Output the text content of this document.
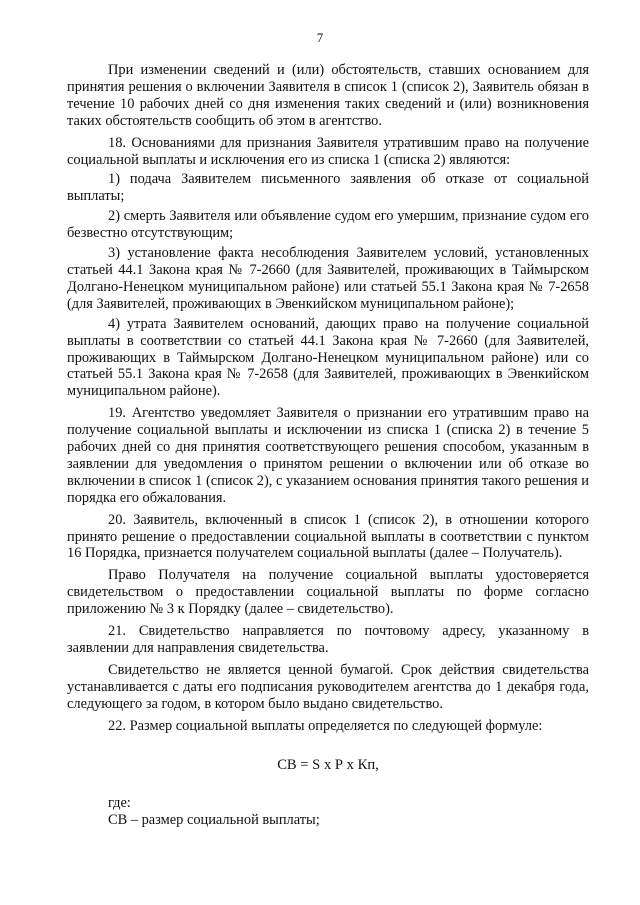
7

При изменении сведений и (или) обстоятельств, ставших основанием для принятия решения о включении Заявителя в список 1 (список 2), Заявитель обязан в течение 10 рабочих дней со дня изменения таких сведений и (или) возникновения таких обстоятельств сообщить об этом в агентство.

18. Основаниями для признания Заявителя утратившим право на получение социальной выплаты и исключения его из списка 1 (списка 2) являются:

1) подача Заявителем письменного заявления об отказе от социальной выплаты;

2) смерть Заявителя или объявление судом его умершим, признание судом его безвестно отсутствующим;

3) установление факта несоблюдения Заявителем условий, установленных статьей 44.1 Закона края № 7-2660 (для Заявителей, проживающих в Таймырском Долгано-Ненецком муниципальном районе) или статьей 55.1 Закона края № 7-2658 (для Заявителей, проживающих в Эвенкийском муниципальном районе);

4) утрата Заявителем оснований, дающих право на получение социальной выплаты в соответствии со статьей 44.1 Закона края № 7-2660 (для Заявителей, проживающих в Таймырском Долгано-Ненецком муниципальном районе) или со статьей 55.1 Закона края № 7-2658 (для Заявителей, проживающих в Эвенкийском муниципальном районе).

19. Агентство уведомляет Заявителя о признании его утратившим право на получение социальной выплаты и исключении из списка 1 (списка 2) в течение 5 рабочих дней со дня принятия соответствующего решения способом, указанным в заявлении для уведомления о принятом решении о включении или об отказе во включении в список 1 (список 2), с указанием основания принятия такого решения и порядка его обжалования.

20. Заявитель, включенный в список 1 (список 2), в отношении которого принято решение о предоставлении социальной выплаты в соответствии с пунктом 16 Порядка, признается получателем социальной выплаты (далее – Получатель).

Право Получателя на получение социальной выплаты удостоверяется свидетельством о предоставлении социальной выплаты по форме согласно приложению № 3 к Порядку (далее – свидетельство).

21. Свидетельство направляется по почтовому адресу, указанному в заявлении для направления свидетельства.

Свидетельство не является ценной бумагой. Срок действия свидетельства устанавливается с даты его подписания руководителем агентства до 1 декабря года, следующего за годом, в котором было выдано свидетельство.

22. Размер социальной выплаты определяется по следующей формуле:

СВ = S х Р х Кп,

где:

СВ – размер социальной выплаты;
